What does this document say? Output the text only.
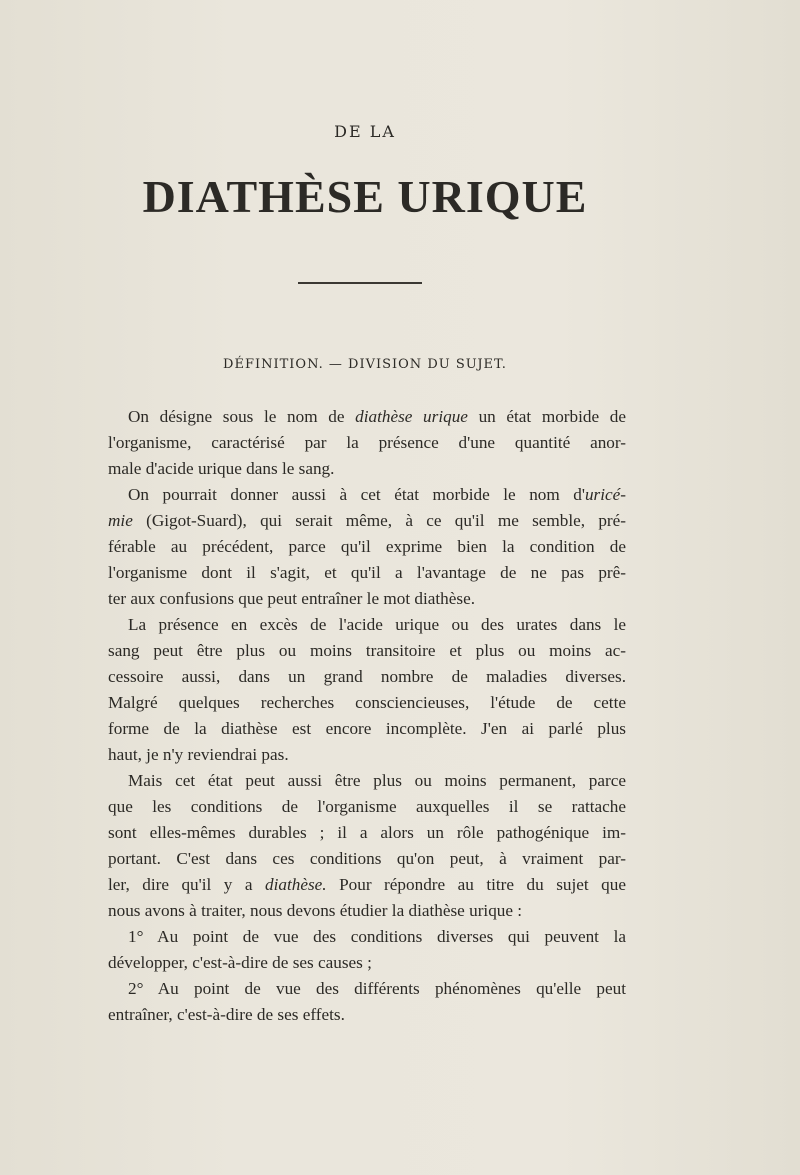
DE LA
DIATHÈSE URIQUE
DÉFINITION. — DIVISION DU SUJET.
On désigne sous le nom de diathèse urique un état morbide de
l'organisme, caractérisé par la présence d'une quantité anor-
male d'acide urique dans le sang.
On pourrait donner aussi à cet état morbide le nom d'uricé-
mie (Gigot-Suard), qui serait même, à ce qu'il me semble, pré-
férable au précédent, parce qu'il exprime bien la condition de
l'organisme dont il s'agit, et qu'il a l'avantage de ne pas prê-
ter aux confusions que peut entraîner le mot diathèse.
La présence en excès de l'acide urique ou des urates dans le
sang peut être plus ou moins transitoire et plus ou moins ac-
cessoire aussi, dans un grand nombre de maladies diverses.
Malgré quelques recherches consciencieuses, l'étude de cette
forme de la diathèse est encore incomplète. J'en ai parlé plus
haut, je n'y reviendrai pas.
Mais cet état peut aussi être plus ou moins permanent, parce
que les conditions de l'organisme auxquelles il se rattache
sont elles-mêmes durables ; il a alors un rôle pathogénique im-
portant. C'est dans ces conditions qu'on peut, à vraiment par-
ler, dire qu'il y a diathèse. Pour répondre au titre du sujet que
nous avons à traiter, nous devons étudier la diathèse urique :
1° Au point de vue des conditions diverses qui peuvent la
développer, c'est-à-dire de ses causes ;
2° Au point de vue des différents phénomènes qu'elle peut
entraîner, c'est-à-dire de ses effets.
